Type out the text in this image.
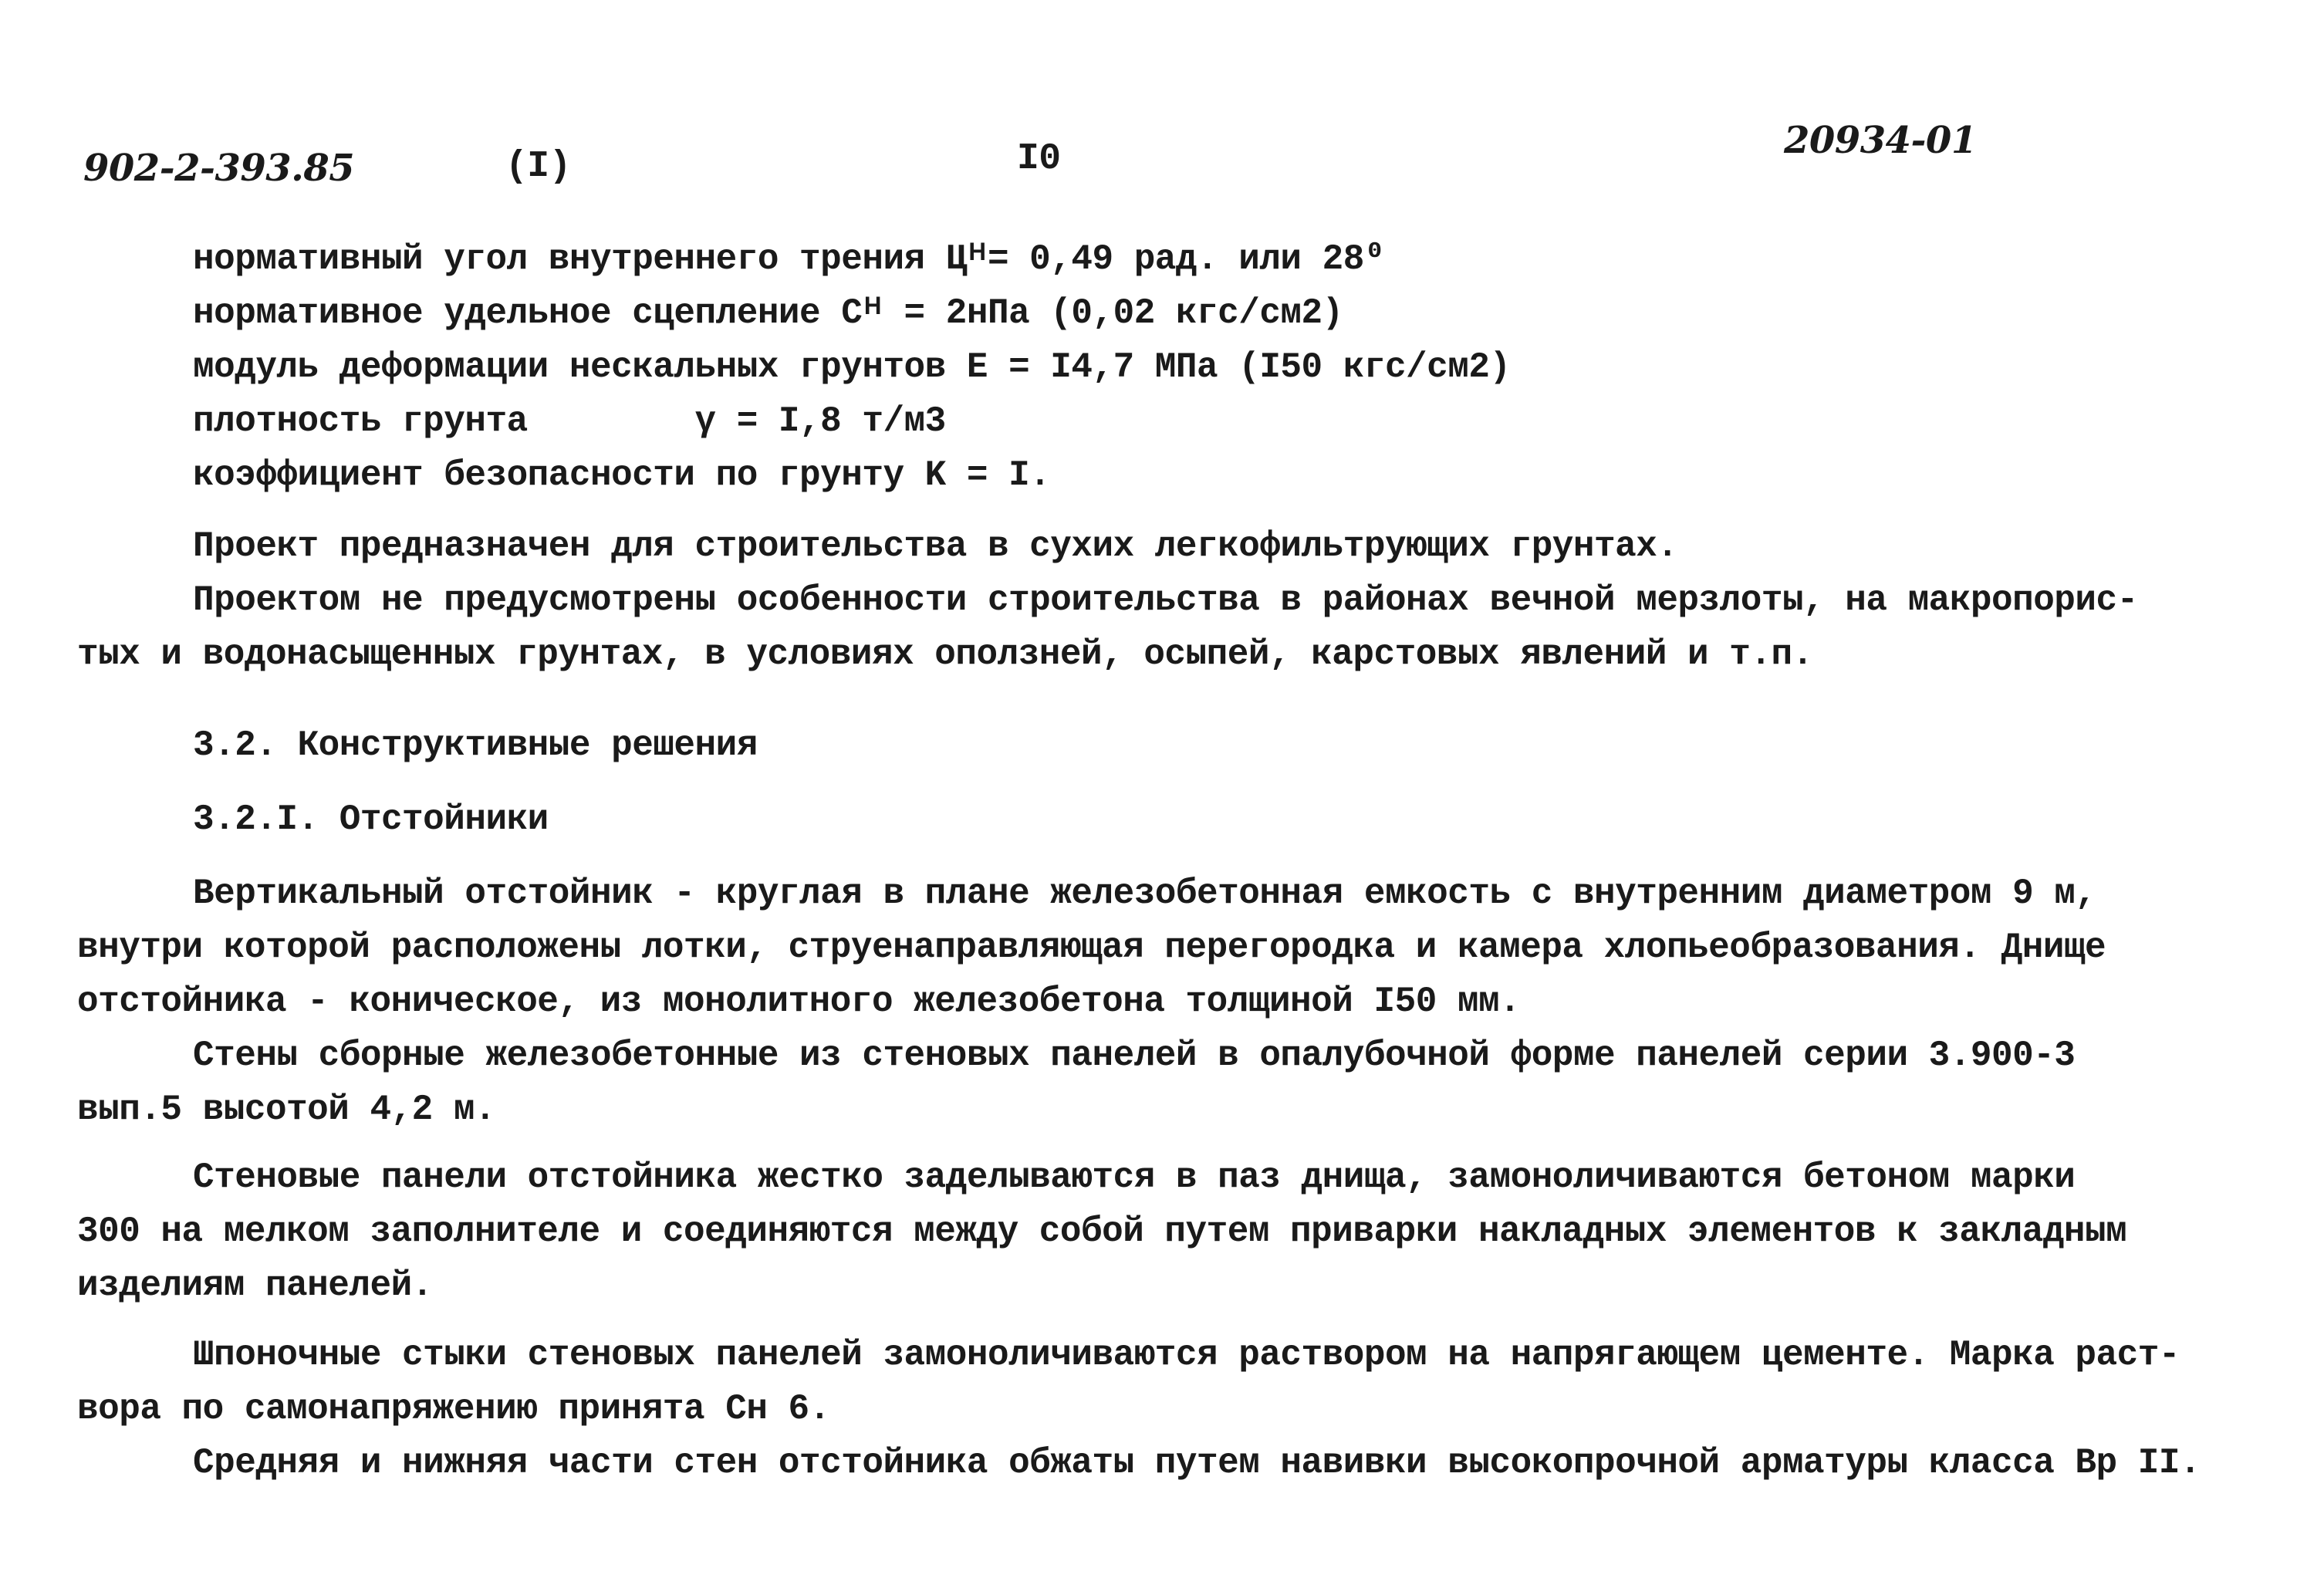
902-2-393.85	(I)	I0	20934-01
нормативный угол внутреннего трения Цᴴ= 0,49 рад. или 28⁰
нормативное удельное сцепление Cᴴ = 2нПа (0,02 кгс/см2)
модуль деформации нескальных грунтов E = I4,7 МПа (I50 кгс/см2)
плотность грунта        γ = I,8 т/м3
коэффициент безопасности по грунту K = I.
Проект предназначен для строительства в сухих легкофильтрующих грунтах.
Проектом не предусмотрены особенности строительства в районах вечной мерзлоты, на макропорис-
тых и водонасыщенных грунтах, в условиях оползней, осыпей, карстовых явлений и т.п.
3.2. Конструктивные решения
3.2.I. Отстойники
Вертикальный отстойник - круглая в плане железобетонная емкость с внутренним диаметром 9 м,
внутри которой расположены лотки, струенаправляющая перегородка и камера хлопьеобразования. Днище
отстойника - коническое, из монолитного железобетона толщиной I50 мм.
Стены сборные железобетонные из стеновых панелей в опалубочной форме панелей серии 3.900-3
вып.5 высотой 4,2 м.
Стеновые панели отстойника жестко заделываются в паз днища, замоноличиваются бетоном марки
300 на мелком заполнителе и соединяются между собой путем приварки накладных элементов к закладным
изделиям панелей.
Шпоночные стыки стеновых панелей замоноличиваются раствором на напрягающем цементе. Марка раст-
вора по самонапряжению принята Сн 6.
Средняя и нижняя части стен отстойника обжаты путем навивки высокопрочной арматуры класса Вр II.
